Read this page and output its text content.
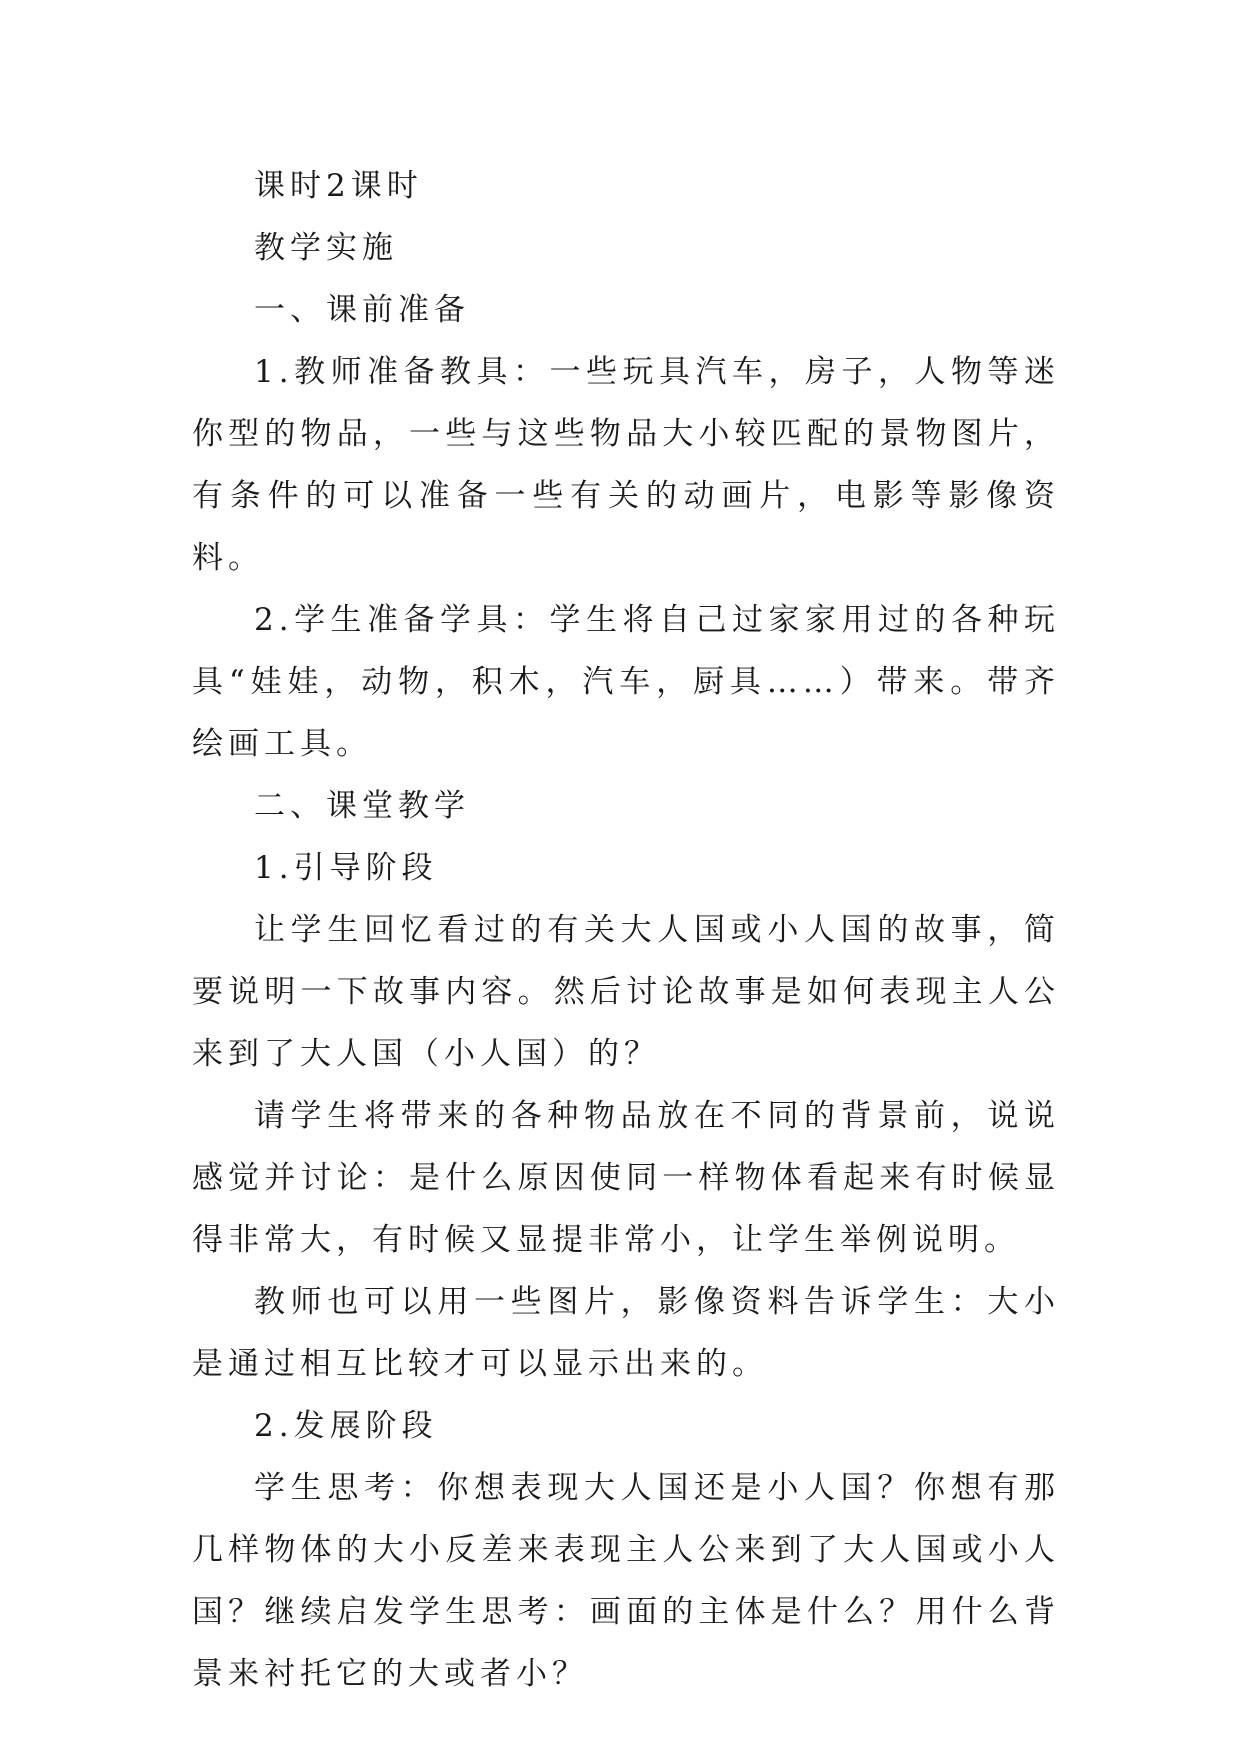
课时2课时

教学实施

一、课前准备

1.教师准备教具：一些玩具汽车，房子，人物等迷你型的物品，一些与这些物品大小较匹配的景物图片，有条件的可以准备一些有关的动画片，电影等影像资料。

2.学生准备学具：学生将自己过家家用过的各种玩具“娃娃，动物，积木，汽车，厨具……）带来。带齐绘画工具。

二、课堂教学

1.引导阶段

让学生回忆看过的有关大人国或小人国的故事，简要说明一下故事内容。然后讨论故事是如何表现主人公来到了大人国（小人国）的？

请学生将带来的各种物品放在不同的背景前，说说感觉并讨论：是什么原因使同一样物体看起来有时候显得非常大，有时候又显提非常小，让学生举例说明。

教师也可以用一些图片，影像资料告诉学生：大小是通过相互比较才可以显示出来的。

2.发展阶段

学生思考：你想表现大人国还是小人国？你想有那几样物体的大小反差来表现主人公来到了大人国或小人国？继续启发学生思考：画面的主体是什么？用什么背景来衬托它的大或者小？
